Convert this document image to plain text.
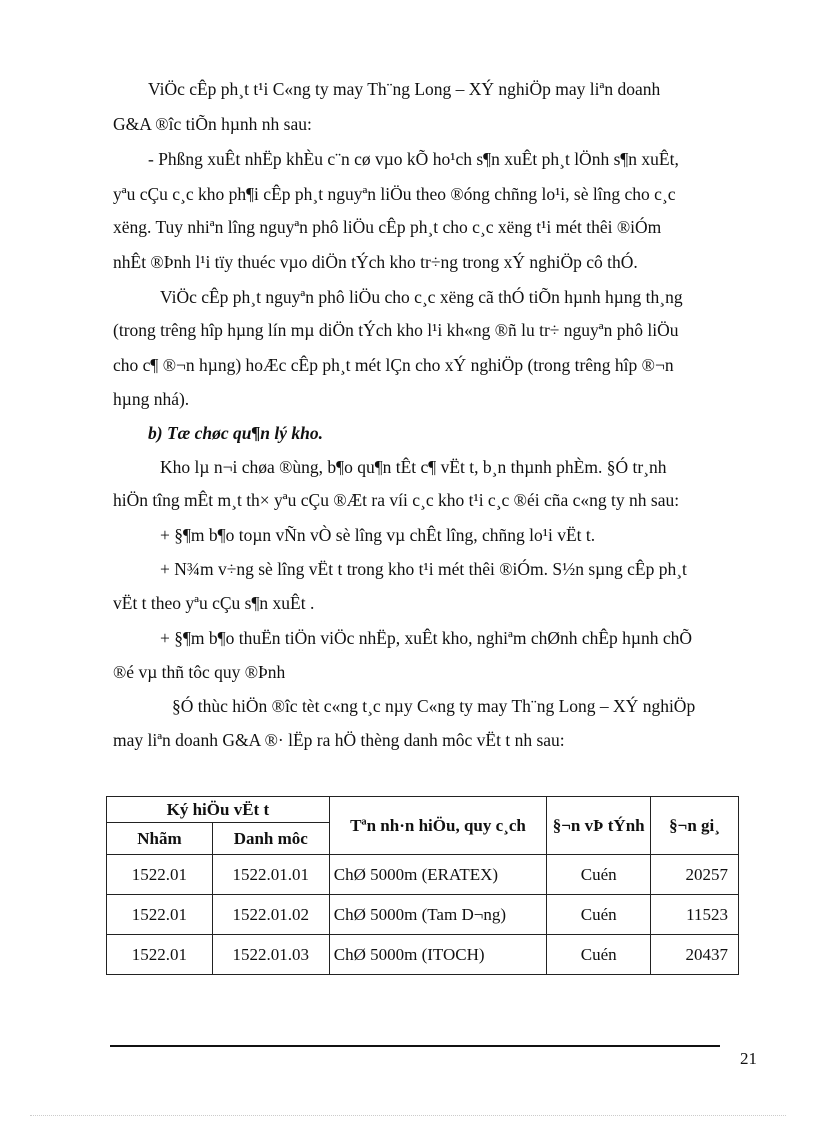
ViÖc cÊp ph¸t t¹i C«ng ty may Th¨ng Long – XÝ nghiÖp may liªn doanh
G&A ®îc tiÕn hµnh nh sau:
- Phßng xuÊt nhËp khÈu c¨n cø vµo kÕ ho¹ch s¶n xuÊt ph¸t lÖnh s¶n xuÊt,
yªu cÇu c¸c kho ph¶i cÊp ph¸t nguyªn liÖu theo ®óng chñng lo¹i, sè lîng cho c¸c
xëng. Tuy nhiªn lîng nguyªn phô liÖu cÊp ph¸t cho c¸c xëng t¹i mét thêi ®iÓm
nhÊt ®Þnh l¹i tïy thuéc vµo diÖn tÝch kho tr÷ng trong xÝ nghiÖp cô thÓ.
ViÖc cÊp ph¸t nguyªn phô liÖu cho c¸c xëng cã thÓ tiÕn hµnh hµng th¸ng
(trong trêng hîp hµng lín mµ diÖn tÝch kho l¹i kh«ng ®ñ lu tr÷ nguyªn phô liÖu
cho c¶ ®¬n hµng) hoÆc cÊp ph¸t mét lÇn cho xÝ nghiÖp (trong trêng hîp ®¬n
hµng nhá).
b) Tæ chøc qu¶n lý kho.
Kho lµ n¬i chøa ®ùng, b¶o qu¶n tÊt c¶ vËt t, b¸n thµnh phÈm. §Ó tr¸nh
hiÖn tîng mÊt m¸t th× yªu cÇu ®Æt ra víi c¸c kho t¹i c¸c ®éi cña c«ng ty nh sau:
+ §¶m b¶o toµn vÑn vÒ sè lîng vµ chÊt lîng, chñng lo¹i vËt t.
+ N¾m v÷ng sè lîng vËt t trong kho t¹i mét thêi ®iÓm. S½n sµng cÊp ph¸t
vËt t theo yªu cÇu s¶n xuÊt .
+ §¶m b¶o thuËn tiÖn viÖc nhËp, xuÊt kho, nghiªm chØnh chÊp hµnh chÕ
®é vµ thñ tôc quy ®Þnh
§Ó thùc hiÖn ®îc tèt c«ng t¸c nµy C«ng ty may Th¨ng Long – XÝ nghiÖp
may liªn doanh G&A ®· lËp ra hÖ thèng danh môc vËt t nh sau:
Ký hiÖu vËt t		Tªn nh·n hiÖu, quy c¸ch	§¬n vÞ tÝnh	§¬n gi¸
Nhãm	Danh môc			
1522.01	1522.01.01	ChØ 5000m (ERATEX)	Cuén	20257
1522.01	1522.01.02	ChØ 5000m (Tam D¬ng)	Cuén	11523
1522.01	1522.01.03	ChØ 5000m (ITOCH)	Cuén	20437
21
